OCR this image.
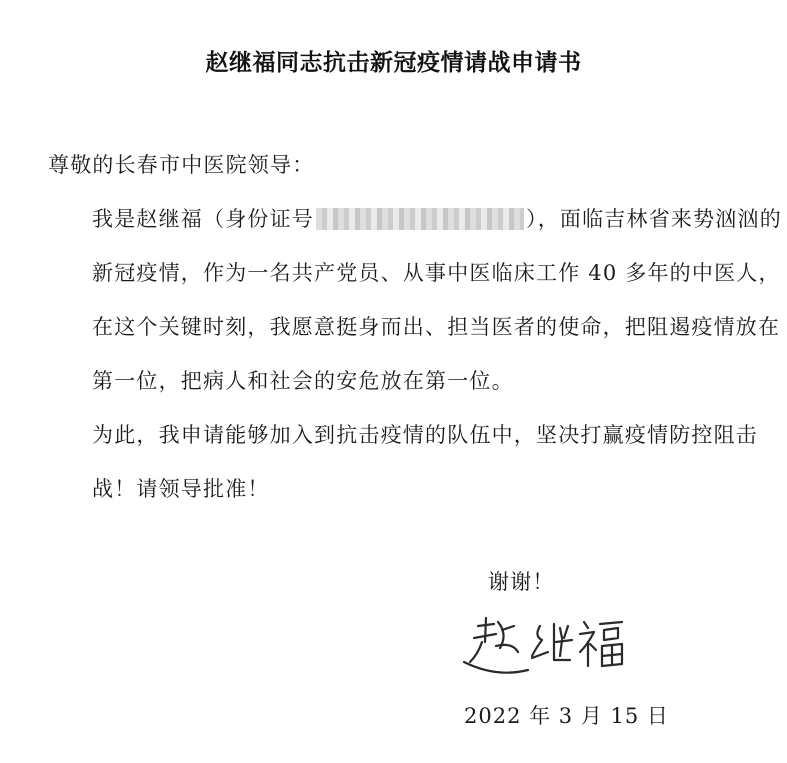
赵继福同志抗击新冠疫情请战申请书
尊敬的长春市中医院领导：
我是赵继福（身份证号	），面临吉林省来势汹汹的新冠疫情，作为一名共产党员、从事中医临床工作 40 多年的中医人，在这个关键时刻，我愿意挺身而出、担当医者的使命，把阻遏疫情放在第一位，把病人和社会的安危放在第一位。
为此，我申请能够加入到抗击疫情的队伍中，坚决打赢疫情防控阻击战！请领导批准！
谢谢！
2022 年 3 月 15 日
